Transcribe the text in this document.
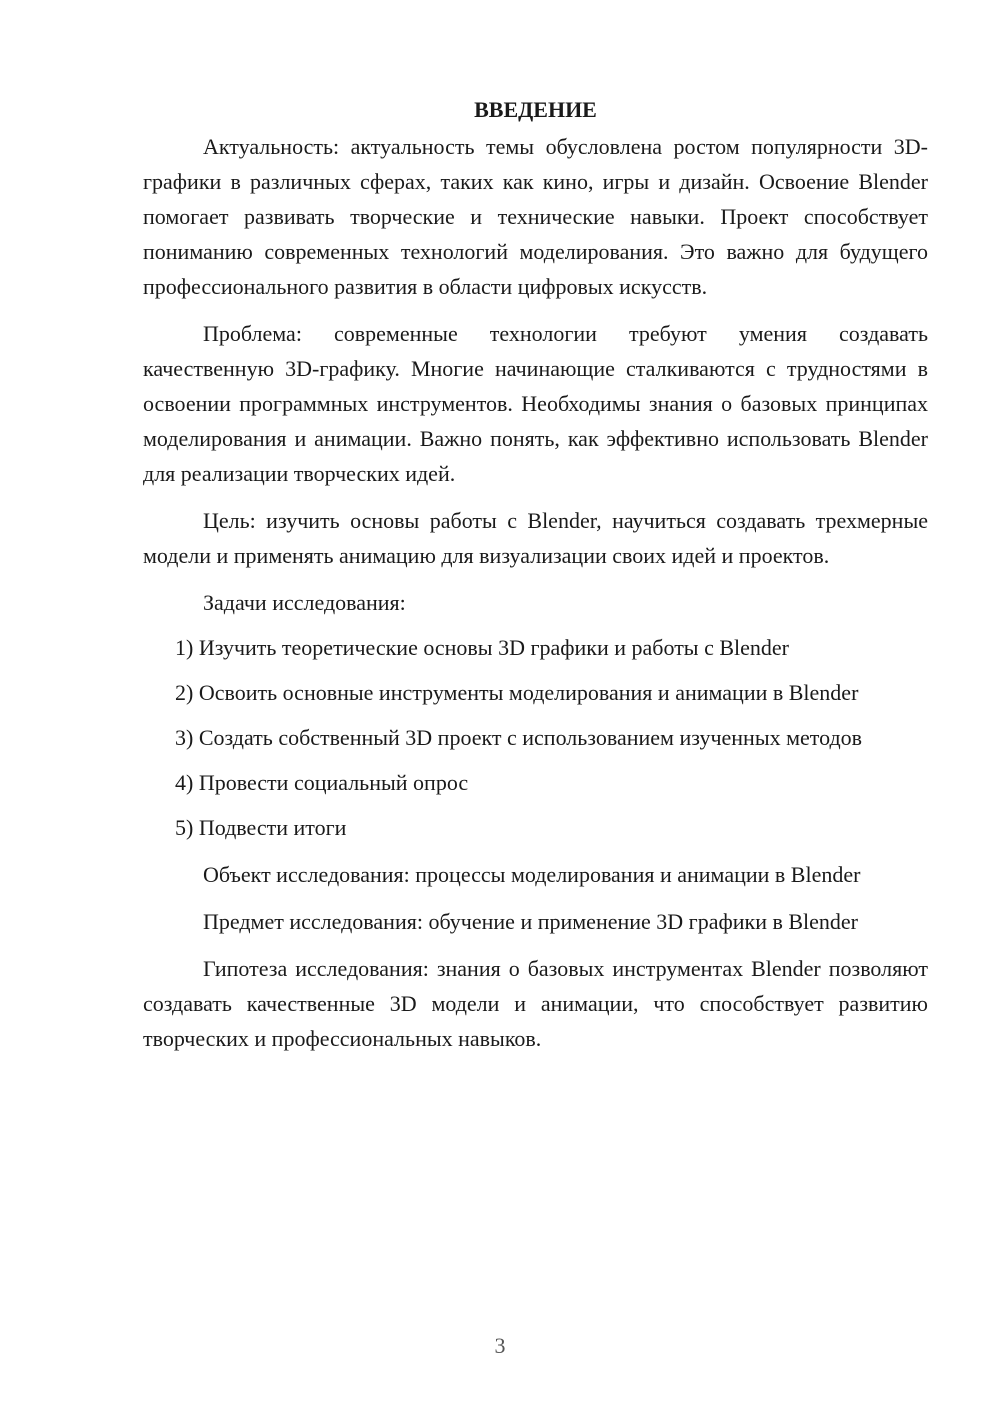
ВВЕДЕНИЕ

Актуальность: актуальность темы обусловлена ростом популярности 3D-графики в различных сферах, таких как кино, игры и дизайн. Освоение Blender помогает развивать творческие и технические навыки. Проект способствует пониманию современных технологий моделирования. Это важно для будущего профессионального развития в области цифровых искусств.

Проблема: современные технологии требуют умения создавать качественную 3D-графику. Многие начинающие сталкиваются с трудностями в освоении программных инструментов. Необходимы знания о базовых принципах моделирования и анимации. Важно понять, как эффективно использовать Blender для реализации творческих идей.

Цель: изучить основы работы с Blender, научиться создавать трехмерные модели и применять анимацию для визуализации своих идей и проектов.

Задачи исследования:

1) Изучить теоретические основы 3D графики и работы с Blender

2) Освоить основные инструменты моделирования и анимации в Blender

3) Создать собственный 3D проект с использованием изученных методов

4) Провести социальный опрос

5) Подвести итоги

Объект исследования: процессы моделирования и анимации в Blender

Предмет исследования: обучение и применение 3D графики в Blender

Гипотеза исследования: знания о базовых инструментах Blender позволяют создавать качественные 3D модели и анимации, что способствует развитию творческих и профессиональных навыков.

3
